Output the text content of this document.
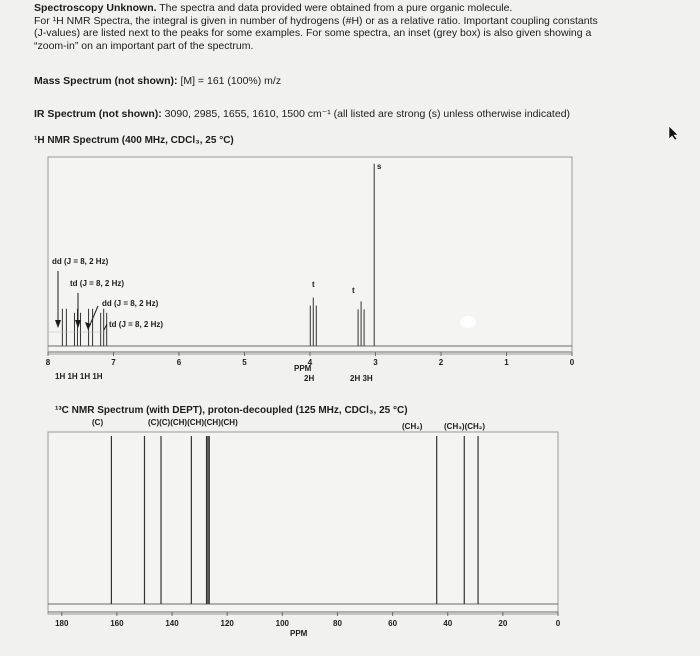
Spectroscopy Unknown. The spectra and data provided were obtained from a pure organic molecule.
For ¹H NMR Spectra, the integral is given in number of hydrogens (#H) or as a relative ratio. Important coupling constants
(J-values) are listed next to the peaks for some examples. For some spectra, an inset (grey box) is also given showing a
“zoom-in” on an important part of the spectrum.
Mass Spectrum (not shown): [M] = 161 (100%) m/z
IR Spectrum (not shown): 3090, 2985, 1655, 1610, 1500 cm⁻¹ (all listed are strong (s) unless otherwise indicated)
¹H NMR Spectrum (400 MHz, CDCl₃, 25 °C)
8	7	6	5	4	3	2	1	0
dd (J = 8, 2 Hz)
td (J = 8, 2 Hz)
dd (J = 8, 2 Hz)
td (J = 8, 2 Hz)
t
t
s
PPM
1H 1H 1H 1H	2H	2H 3H
¹³C NMR Spectrum (with DEPT), proton-decoupled (125 MHz, CDCl₃, 25 °C)
(C)	(C)(C)(CH)(CH)(CH)(CH)	(CH₂)	(CH₃)(CH₂)
180	160	140	120	100	80	60	40	20	0
PPM
